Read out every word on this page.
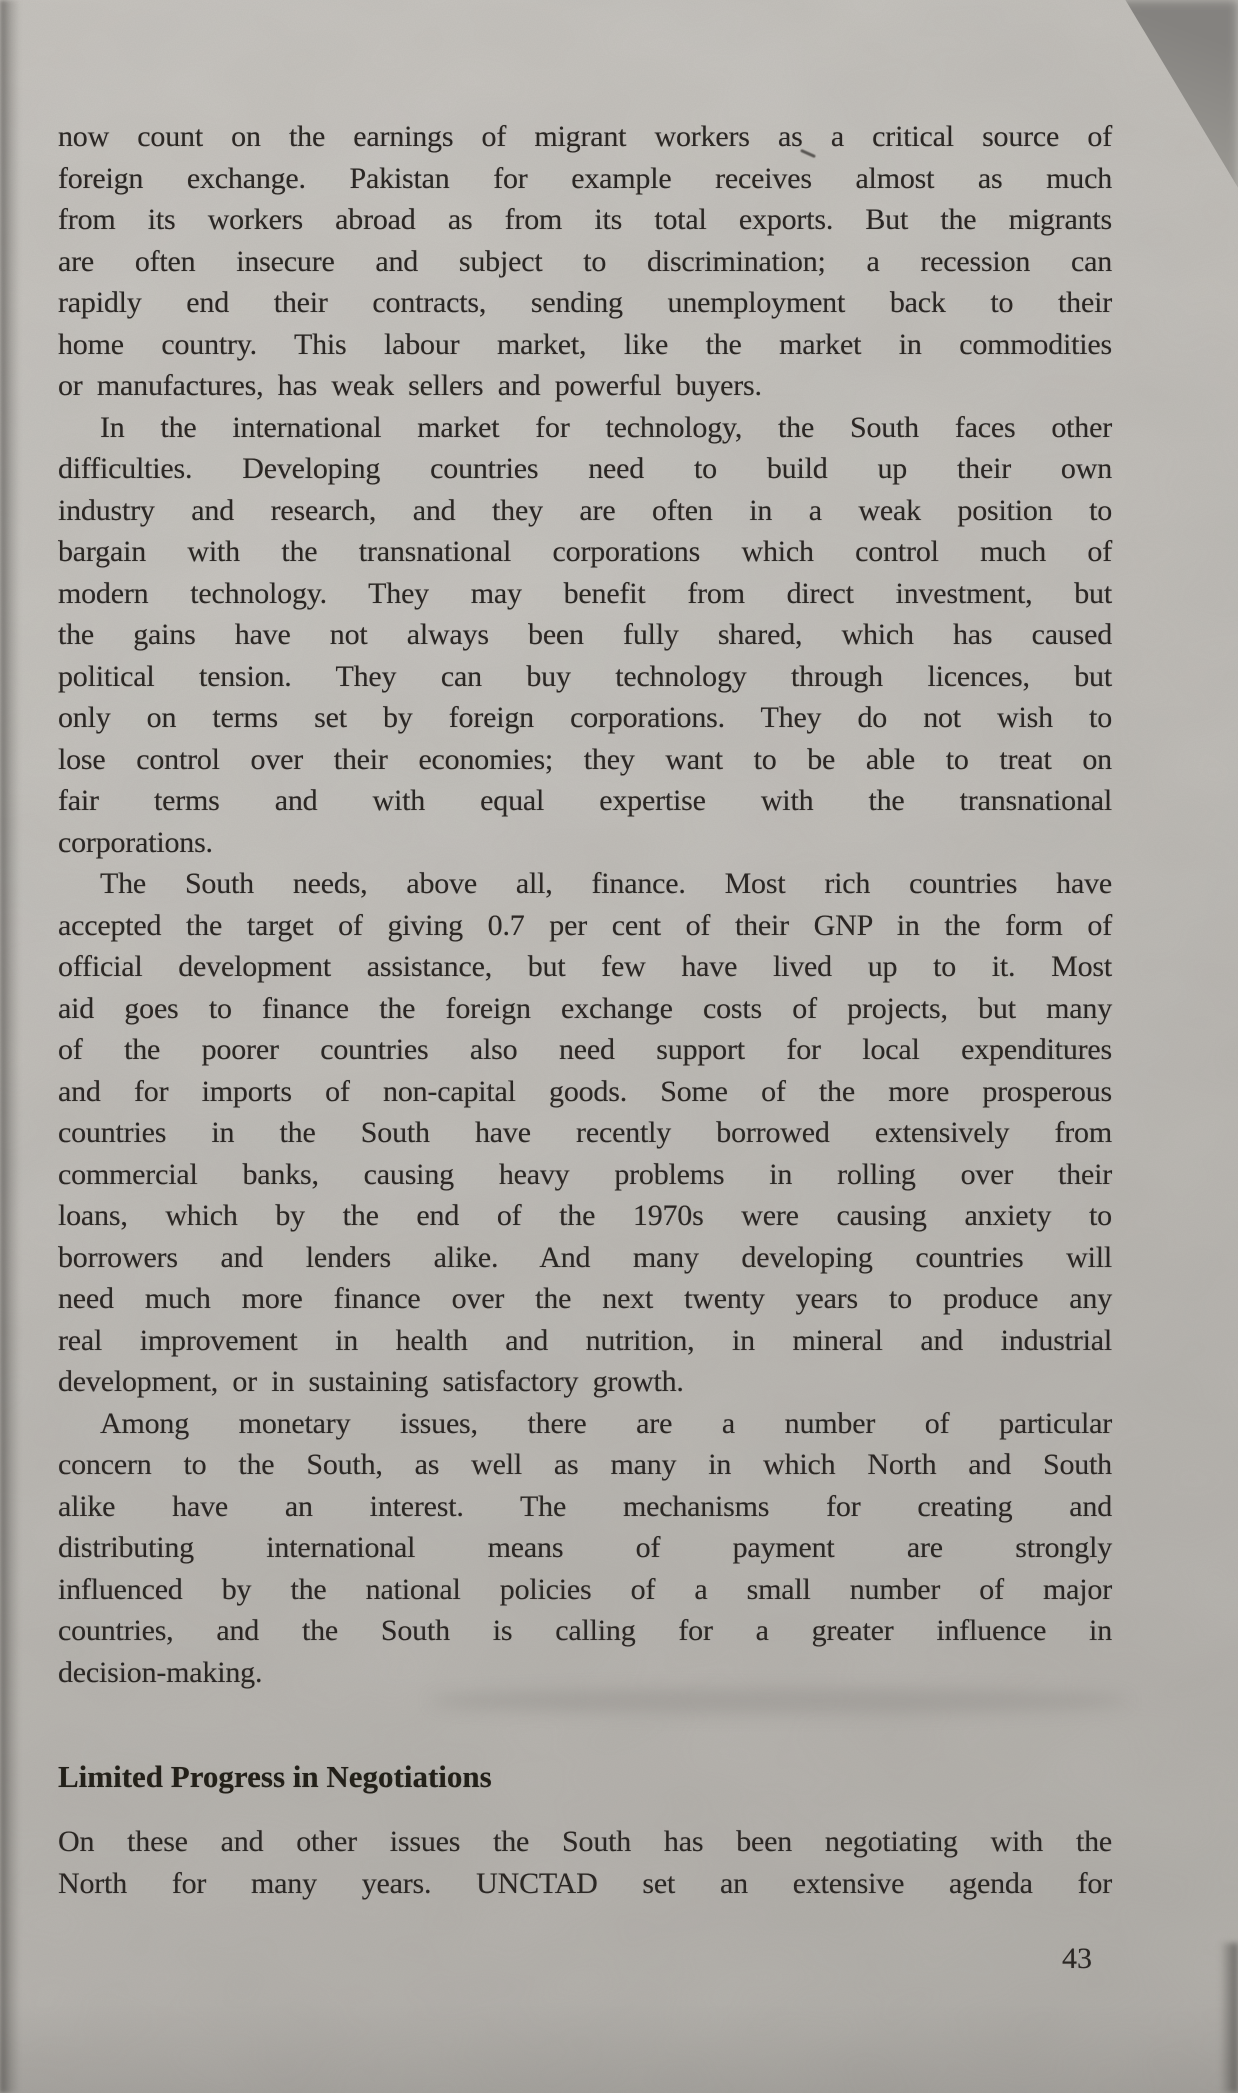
now count on the earnings of migrant workers as a critical source of
foreign exchange. Pakistan for example receives almost as much
from its workers abroad as from its total exports. But the migrants
are often insecure and subject to discrimination; a recession can
rapidly end their contracts, sending unemployment back to their
home country. This labour market, like the market in commodities
or manufactures, has weak sellers and powerful buyers.
In the international market for technology, the South faces other
difficulties. Developing countries need to build up their own
industry and research, and they are often in a weak position to
bargain with the transnational corporations which control much of
modern technology. They may benefit from direct investment, but
the gains have not always been fully shared, which has caused
political tension. They can buy technology through licences, but
only on terms set by foreign corporations. They do not wish to
lose control over their economies; they want to be able to treat on
fair terms and with equal expertise with the transnational
corporations.
The South needs, above all, finance. Most rich countries have
accepted the target of giving 0.7 per cent of their GNP in the form of
official development assistance, but few have lived up to it. Most
aid goes to finance the foreign exchange costs of projects, but many
of the poorer countries also need support for local expenditures
and for imports of non-capital goods. Some of the more prosperous
countries in the South have recently borrowed extensively from
commercial banks, causing heavy problems in rolling over their
loans, which by the end of the 1970s were causing anxiety to
borrowers and lenders alike. And many developing countries will
need much more finance over the next twenty years to produce any
real improvement in health and nutrition, in mineral and industrial
development, or in sustaining satisfactory growth.
Among monetary issues, there are a number of particular
concern to the South, as well as many in which North and South
alike have an interest. The mechanisms for creating and
distributing international means of payment are strongly
influenced by the national policies of a small number of major
countries, and the South is calling for a greater influence in
decision-making.
Limited Progress in Negotiations
On these and other issues the South has been negotiating with the
North for many years. UNCTAD set an extensive agenda for
43
